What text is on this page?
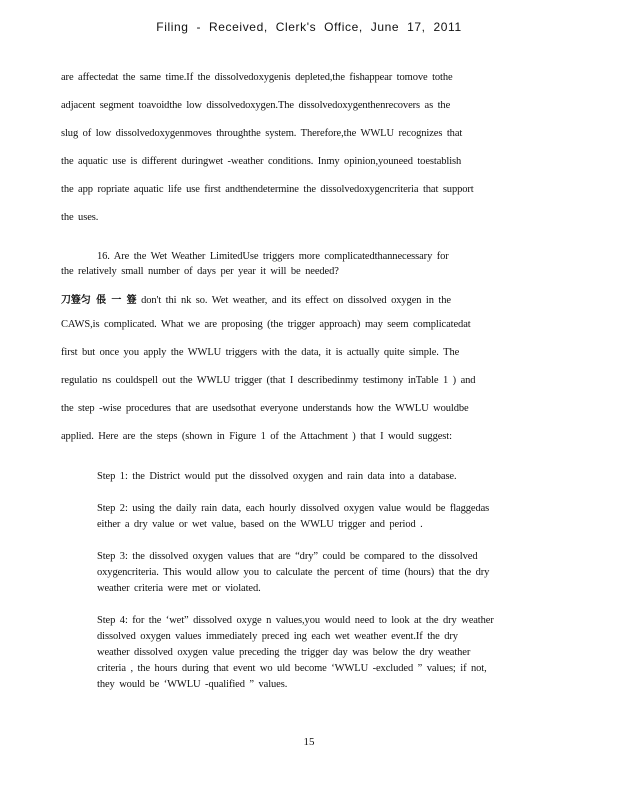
Filing - Received, Clerk's Office, June 17, 2011
are affectedat the same time.If the dissolvedoxygenis depleted,the fishappear tomove tothe
adjacent segment toavoidthe low dissolvedoxygen.The dissolvedoxygenthenrecovers as the
slug of low dissolvedoxygenmoves throughthe system. Therefore,the WWLU recognizes that
the aquatic use is different duringwet -weather conditions. Inmy opinion,youneed toestablish
the app ropriate aquatic life use first andthendetermine the dissolvedoxygencriteria that support
the uses.
16. Are the Wet Weather LimitedUse triggers more complicatedthannecessary for
the relatively small number of days per year it will be needed?
刀簦匀 倀 一 簦 don't thi nk so. Wet weather, and its effect on dissolved oxygen in the
CAWS,is complicated. What we are proposing (the trigger approach) may seem complicatedat
first but once you apply the WWLU triggers with the data, it is actually quite simple. The
regulatio ns couldspell out the WWLU trigger (that I describedinmy testimony inTable 1 ) and
the step -wise procedures that are usedsothat everyone understands how the WWLU wouldbe
applied. Here are the steps (shown in Figure 1 of the Attachment ) that I would suggest:
Step 1: the District would put the dissolved oxygen and rain data into a database.
Step 2: using the daily rain data, each hourly dissolved oxygen value would be flaggedas
either a dry value or wet value, based on the WWLU trigger and period .
Step 3: the dissolved oxygen values that are “dry” could be compared to the dissolved
oxygencriteria. This would allow you to calculate the percent of time (hours) that the dry
weather criteria were met or violated.
Step 4: for the ‘wet” dissolved oxyge n values,you would need to look at the dry weather
dissolved oxygen values immediately preced ing each wet weather event.If the dry
weather dissolved oxygen value preceding the trigger day was below the dry weather
criteria , the hours during that event wo uld become ‘WWLU -excluded ” values; if not,
they would be ‘WWLU -qualified ” values.
15
